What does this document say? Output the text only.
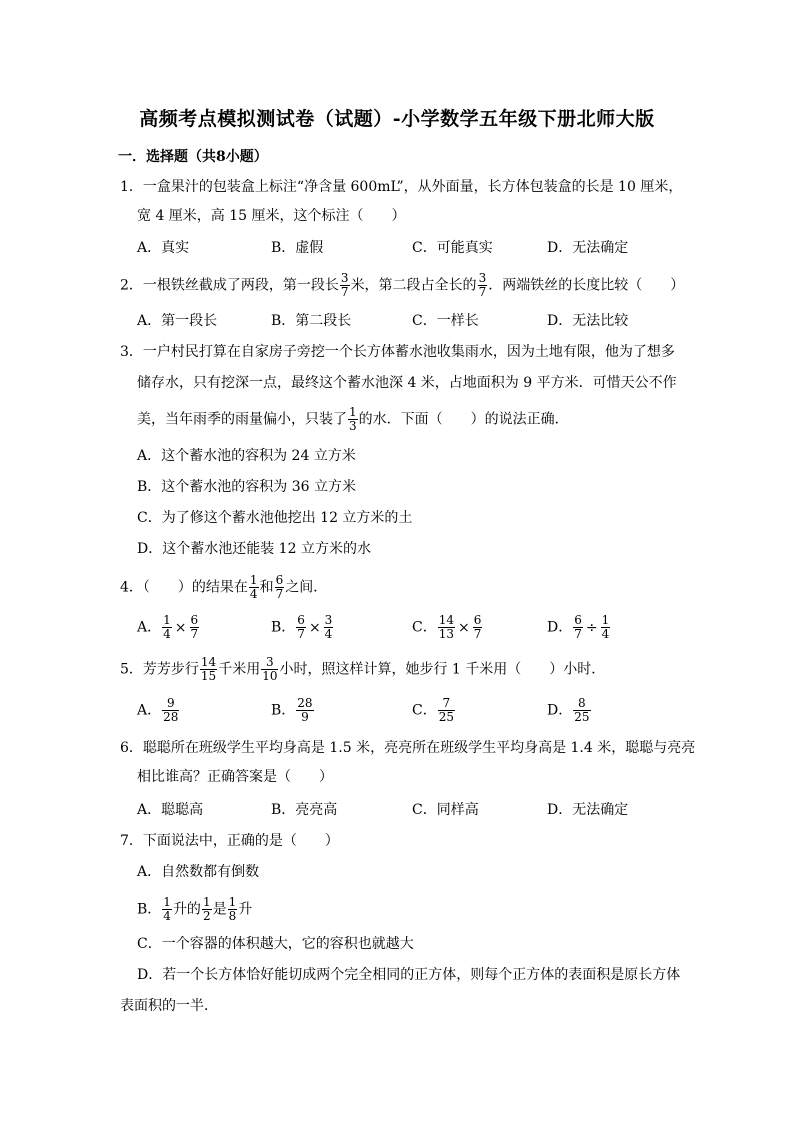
高频考点模拟测试卷（试题）-小学数学五年级下册北师大版
一．选择题（共8小题）
1．一盒果汁的包装盒上标注“净含量 600mL”，从外面量，长方体包装盒的长是 10 厘米，
宽 4 厘米，高 15 厘米，这个标注（　　）
A．真实	B．虚假	C．可能真实	D．无法确定
2．一根铁丝截成了两段，第一段长 $\frac{3}{7}$ 米，第二段占全长的 $\frac{3}{7}$ ．两端铁丝的长度比较（　　）
A．第一段长	B．第二段长	C．一样长	D．无法比较
3．一户村民打算在自家房子旁挖一个长方体蓄水池收集雨水，因为土地有限，他为了想多
储存水，只有挖深一点，最终这个蓄水池深 4 米，占地面积为 9 平方米．可惜天公不作
美，当年雨季的雨量偏小，只装了 $\frac{1}{3}$ 的水．下面（　　）的说法正确．
A．这个蓄水池的容积为 24 立方米
B．这个蓄水池的容积为 36 立方米
C．为了修这个蓄水池他挖出 12 立方米的土
D．这个蓄水池还能装 12 立方米的水
4．（　　）的结果在 $\frac{1}{4}$ 和 $\frac{6}{7}$ 之间．
A． $\frac{1}{4} \times \frac{6}{7}$	B． $\frac{6}{7} \times \frac{3}{4}$	C． $\frac{14}{13} \times \frac{6}{7}$	D． $\frac{6}{7} \div \frac{1}{4}$
5．芳芳步行 $\frac{14}{15}$ 千米用 $\frac{3}{10}$ 小时，照这样计算，她步行 1 千米用（　　）小时．
A． $\frac{9}{28}$	B． $\frac{28}{9}$	C． $\frac{7}{25}$	D． $\frac{8}{25}$
6．聪聪所在班级学生平均身高是 1.5 米，亮亮所在班级学生平均身高是 1.4 米，聪聪与亮亮
相比谁高？正确答案是（　　）
A．聪聪高	B．亮亮高	C．同样高	D．无法确定
7．下面说法中，正确的是（　　）
A．自然数都有倒数
B． $\frac{1}{4}$ 升的 $\frac{1}{2}$ 是 $\frac{1}{8}$ 升
C．一个容器的体积越大，它的容积也就越大
D．若一个长方体恰好能切成两个完全相同的正方体，则每个正方体的表面积是原长方体
表面积的一半．
